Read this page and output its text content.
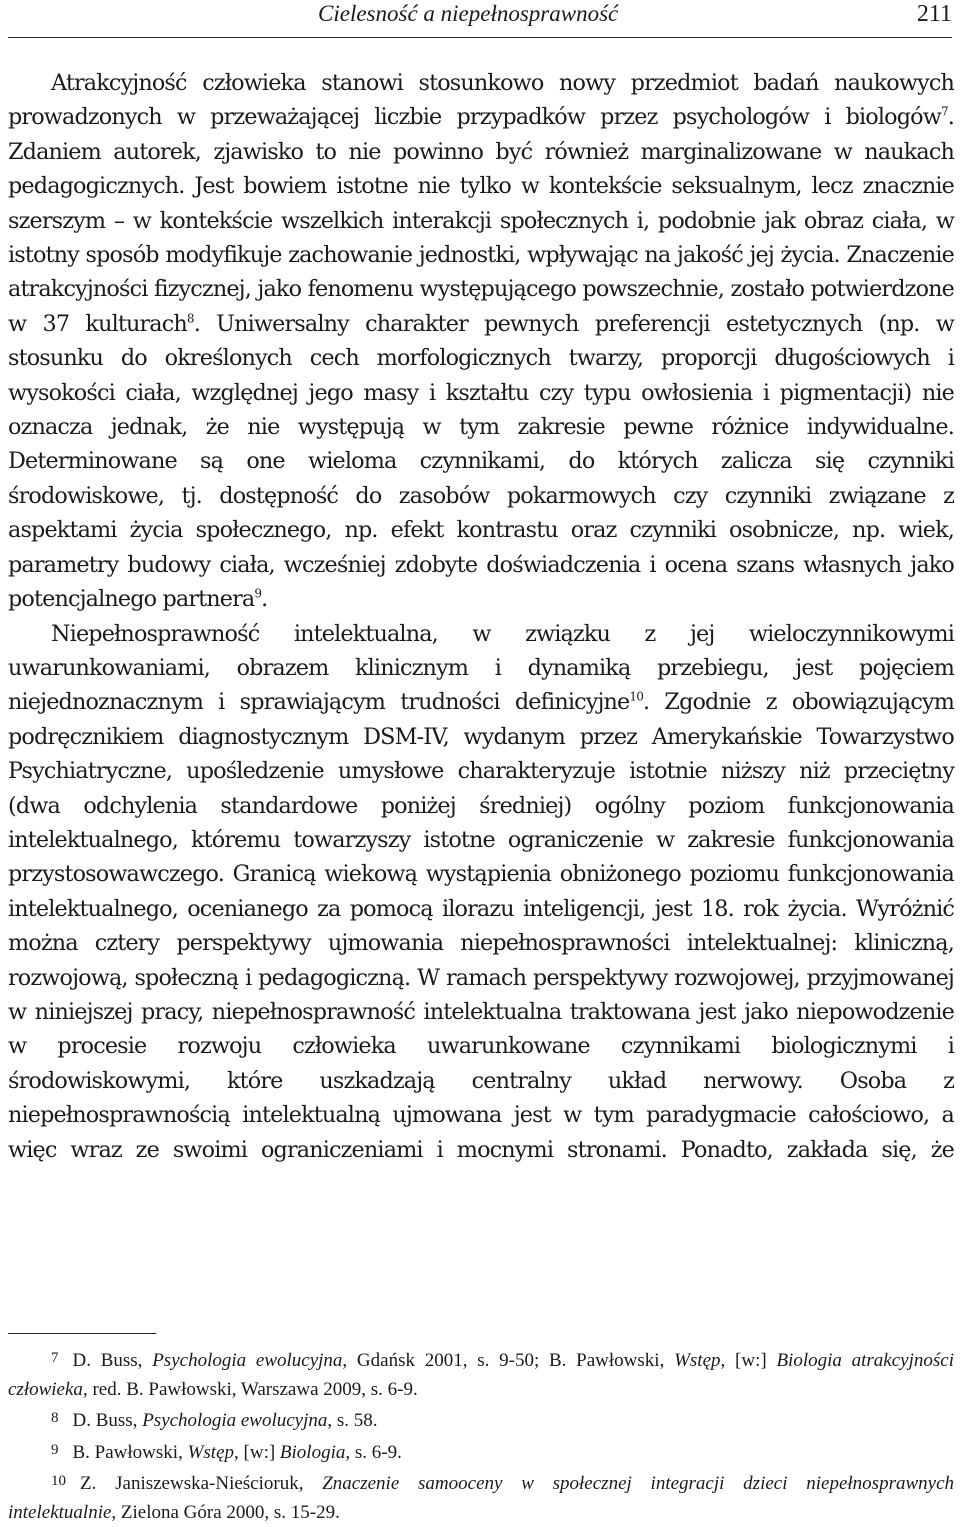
Cielesność a niepełnosprawność	211

Atrakcyjność człowieka stanowi stosunkowo nowy przedmiot badań naukowych prowadzonych w przeważającej liczbie przypadków przez psychologów i biologów$^7$. Zdaniem autorek, zjawisko to nie powinno być również marginalizowane w naukach pedagogicznych. Jest bowiem istotne nie tylko w kontekście seksualnym, lecz znacznie szerszym – w kontekście wszelkich interakcji społecznych i, podobnie jak obraz ciała, w istotny sposób modyfikuje zachowanie jednostki, wpływając na jakość jej życia. Znaczenie atrakcyjności fizycznej, jako fenomenu występującego powszechnie, zostało potwierdzone w 37 kulturach$^8$. Uniwersalny charakter pewnych preferencji estetycznych (np. w stosunku do określonych cech morfologicznych twarzy, proporcji długościowych i wysokości ciała, względnej jego masy i kształtu czy typu owłosienia i pigmentacji) nie oznacza jednak, że nie występują w tym zakresie pewne różnice indywidualne. Determinowane są one wieloma czynnikami, do których zalicza się czynniki środowiskowe, tj. dostępność do zasobów pokarmowych czy czynniki związane z aspektami życia społecznego, np. efekt kontrastu oraz czynniki osobnicze, np. wiek, parametry budowy ciała, wcześniej zdobyte doświadczenia i ocena szans własnych jako potencjalnego partnera$^9$.

Niepełnosprawność intelektualna, w związku z jej wieloczynnikowymi uwarunkowaniami, obrazem klinicznym i dynamiką przebiegu, jest pojęciem niejednoznacznym i sprawiającym trudności definicyjne$^{10}$. Zgodnie z obowiązującym podręcznikiem diagnostycznym DSM-IV, wydanym przez Amerykańskie Towarzystwo Psychiatryczne, upośledzenie umysłowe charakteryzuje istotnie niższy niż przeciętny (dwa odchylenia standardowe poniżej średniej) ogólny poziom funkcjonowania intelektualnego, któremu towarzyszy istotne ograniczenie w zakresie funkcjonowania przystosowawczego. Granicą wiekową wystąpienia obniżonego poziomu funkcjonowania intelektualnego, ocenianego za pomocą ilorazu inteligencji, jest 18. rok życia. Wyróżnić można cztery perspektywy ujmowania niepełnosprawności intelektualnej: kliniczną, rozwojową, społeczną i pedagogiczną. W ramach perspektywy rozwojowej, przyjmowanej w niniejszej pracy, niepełnosprawność intelektualna traktowana jest jako niepowodzenie w procesie rozwoju człowieka uwarunkowane czynnikami biologicznymi i środowiskowymi, które uszkadzają centralny układ nerwowy. Osoba z niepełnosprawnością intelektualną ujmowana jest w tym paradygmacie całościowo, a więc wraz ze swoimi ograniczeniami i mocnymi stronami. Ponadto, zakłada się, że

$^7$ D. Buss, Psychologia ewolucyjna, Gdańsk 2001, s. 9-50; B. Pawłowski, Wstęp, [w:] Biologia atrakcyjności człowieka, red. B. Pawłowski, Warszawa 2009, s. 6-9.

$^8$ D. Buss, Psychologia ewolucyjna, s. 58.

$^9$ B. Pawłowski, Wstęp, [w:] Biologia, s. 6-9.

$^{10}$ Z. Janiszewska-Nieścioruk, Znaczenie samooceny w społecznej integracji dzieci niepełnosprawnych intelektualnie, Zielona Góra 2000, s. 15-29.
